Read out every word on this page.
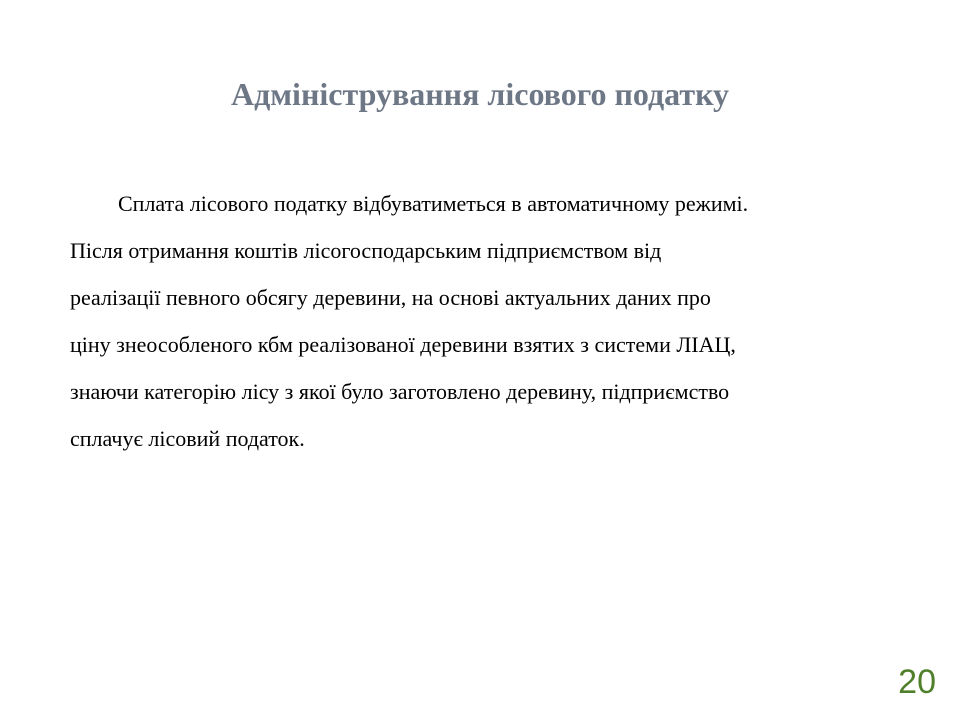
Адміністрування лісового податку

Сплата лісового податку відбуватиметься в автоматичному режимі.
Після отримання коштів лісогосподарським підприємством від
реалізації певного обсягу деревини, на основі актуальних даних про
ціну знеособленого кбм реалізованої деревини взятих з системи ЛІАЦ,
знаючи категорію лісу з якої було заготовлено деревину, підприємство
сплачує лісовий податок.

20
